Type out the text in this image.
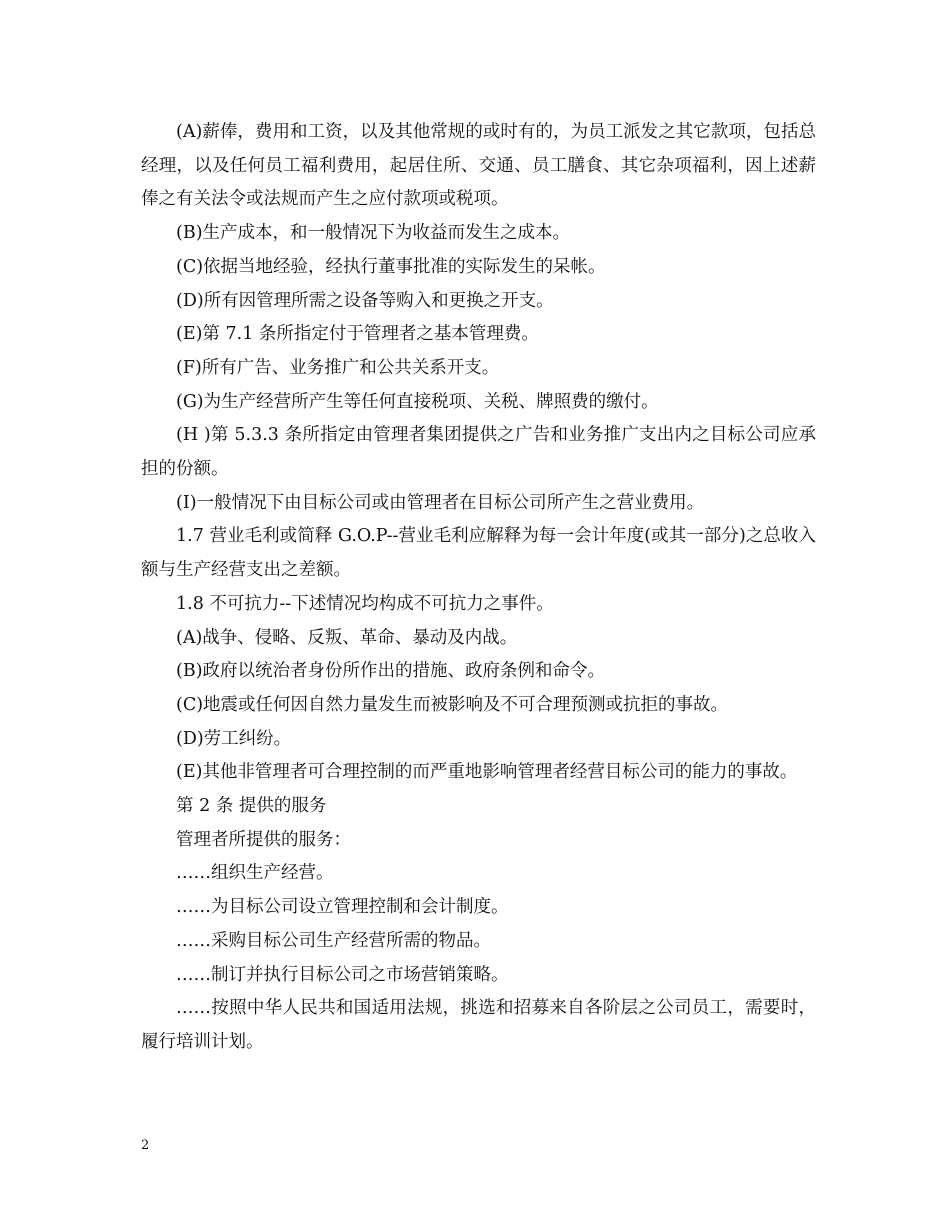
(A)薪俸，费用和工资，以及其他常规的或时有的，为员工派发之其它款项，包括总经理，以及任何员工福利费用，起居住所、交通、员工膳食、其它杂项福利，因上述薪俸之有关法令或法规而产生之应付款项或税项。

(B)生产成本，和一般情况下为收益而发生之成本。

(C)依据当地经验，经执行董事批准的实际发生的呆帐。

(D)所有因管理所需之设备等购入和更换之开支。

(E)第 7.1 条所指定付于管理者之基本管理费。

(F)所有广告、业务推广和公共关系开支。

(G)为生产经营所产生等任何直接税项、关税、牌照费的缴付。

(H )第 5.3.3 条所指定由管理者集团提供之广告和业务推广支出内之目标公司应承担的份额。

(I)一般情况下由目标公司或由管理者在目标公司所产生之营业费用。

1.7 营业毛利或简释 G.O.P--营业毛利应解释为每一会计年度(或其一部分)之总收入额与生产经营支出之差额。

1.8 不可抗力--下述情况均构成不可抗力之事件。

(A)战争、侵略、反叛、革命、暴动及内战。

(B)政府以统治者身份所作出的措施、政府条例和命令。

(C)地震或任何因自然力量发生而被影响及不可合理预测或抗拒的事故。

(D)劳工纠纷。

(E)其他非管理者可合理控制的而严重地影响管理者经营目标公司的能力的事故。

第 2 条 提供的服务

管理者所提供的服务：

……组织生产经营。

……为目标公司设立管理控制和会计制度。

……采购目标公司生产经营所需的物品。

……制订并执行目标公司之市场营销策略。

……按照中华人民共和国适用法规，挑选和招募来自各阶层之公司员工，需要时，履行培训计划。

2
